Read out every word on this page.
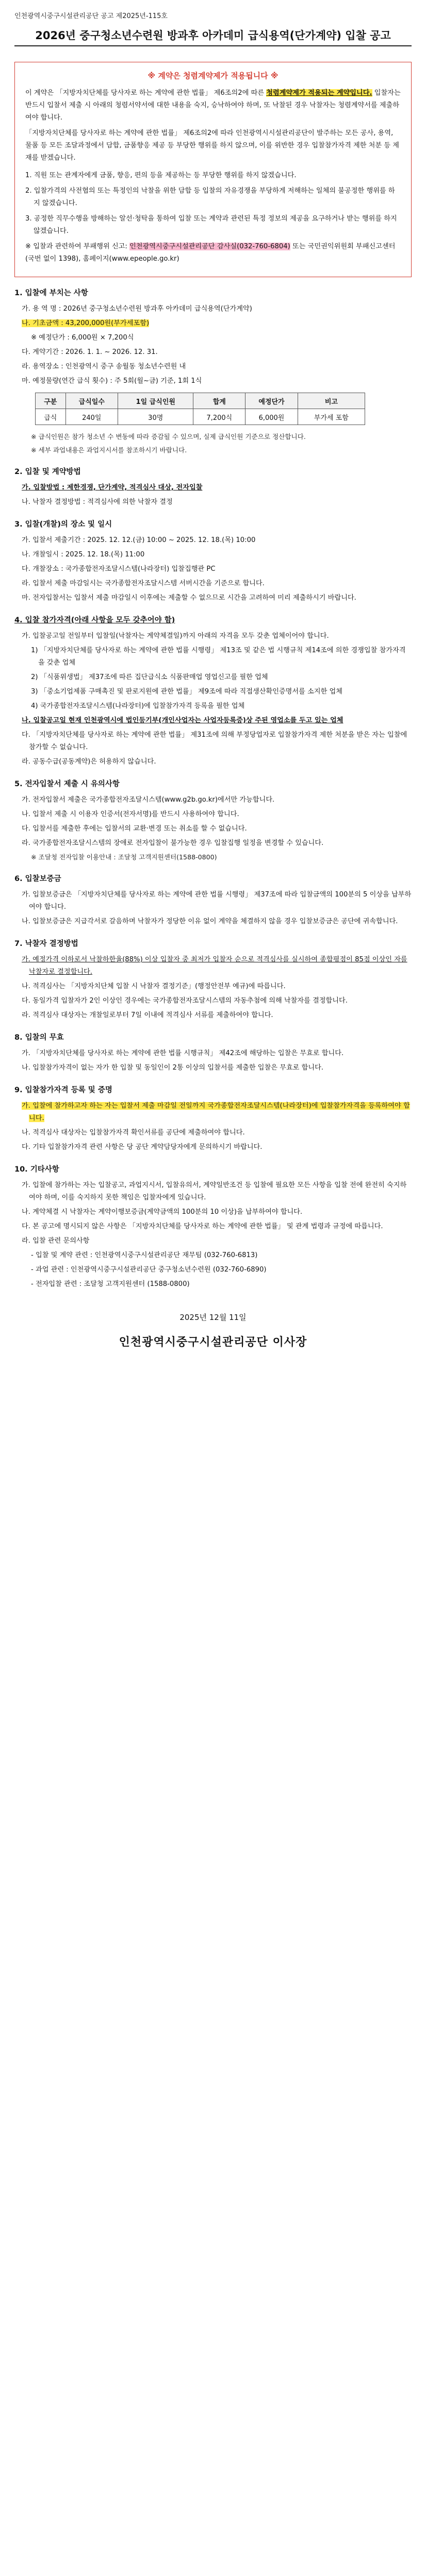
인천광역시중구시설관리공단 공고 제2025년-115호
2026년 중구청소년수련원 방과후 아카데미 급식용역(단가계약) 입찰 공고
※ 계약은 청렴계약제가 적용됩니다 ※

이 계약은 「지방자치단체를 당사자로 하는 계약에 관한 법률」 제6조의2에 따른 청렴계약제가 적용되는 계약입니다. 입찰자는 반드시 입찰서 제출 시 아래의 청렴서약서에 대한 내용을 숙지, 승낙하여야 하며, 또 낙찰된 경우 낙찰자는 청렴계약서를 제출하여야 합니다.

「지방자치단체를 당사자로 하는 계약에 관한 법률」 제6조의2에 따라 인천광역시시설관리공단이 발주하는 모든 공사, 용역, 물품 등 모든 조달과정에서 담합, 금품향응 제공 등 부당한 행위를 하지 않으며, 이를 위반한 경우 입찰참가자격 제한 처분 등 제재를 받겠습니다.

1. 직원 또는 관계자에게 금품, 향응, 편의 등을 제공하는 등 부당한 행위를 하지 않겠습니다.
2. 입찰가격의 사전협의 또는 특정인의 낙찰을 위한 담합 등 입찰의 자유경쟁을 부당하게 저해하는 일체의 불공정한 행위를 하지 않겠습니다.
3. 공정한 직무수행을 방해하는 알선·청탁을 통하여 입찰 또는 계약과 관련된 특정 정보의 제공을 요구하거나 받는 행위를 하지 않겠습니다.

※ 입찰과 관련하여 부패행위 신고: 인천광역시중구시설관리공단 감사실(032-760-6804) 또는 국민권익위원회 부패신고센터(국번 없이 1398), 홈페이지(www.epeople.go.kr)

1. 입찰에 부치는 사항
가. 용 역 명 : 2026년 중구청소년수련원 방과후 아카데미 급식용역(단가계약)
나. 기초금액 : 43,200,000원(부가세포함)
※ 예정단가 : 6,000원 × 7,200식
다. 계약기간 : 2026. 1. 1. ~ 2026. 12. 31.
라. 용역장소 : 인천광역시 중구 송월동 청소년수련원 내
마. 예정물량(연간 급식 횟수) : 주 5회(월~금) 기준, 1회 1식
구분	급식일수	1일 급식인원	합계	예정단가	비고
급식	240일	30명	7,200식	6,000원	부가세 포함
※ 급식인원은 참가 청소년 수 변동에 따라 증감될 수 있으며, 실제 급식인원 기준으로 정산합니다.
※ 세부 과업내용은 과업지시서를 참조하시기 바랍니다.
2. 입찰 및 계약방법
가. 입찰방법 : 제한경쟁, 단가계약, 적격심사 대상, 전자입찰
나. 낙찰자 결정방법 : 적격심사에 의한 낙찰자 결정
3. 입찰(개찰)의 장소 및 일시
가. 입찰서 제출기간 : 2025. 12. 12.(금) 10:00 ~ 2025. 12. 18.(목) 10:00
나. 개찰일시 : 2025. 12. 18.(목) 11:00
다. 개찰장소 : 국가종합전자조달시스템(나라장터) 입찰집행관 PC
라. 입찰서 제출 마감일시는 국가종합전자조달시스템 서버시간을 기준으로 합니다.
마. 전자입찰서는 입찰서 제출 마감일시 이후에는 제출할 수 없으므로 시간을 고려하여 미리 제출하시기 바랍니다.
4. 입찰 참가자격(아래 사항을 모두 갖추어야 함)
가. 입찰공고일 전일부터 입찰일(낙찰자는 계약체결일)까지 아래의 자격을 모두 갖춘 업체이어야 합니다.
1) 「지방자치단체를 당사자로 하는 계약에 관한 법률 시행령」 제13조 및 같은 법 시행규칙 제14조에 의한 경쟁입찰 참가자격을 갖춘 업체
2) 「식품위생법」 제37조에 따른 집단급식소 식품판매업 영업신고를 필한 업체
3) 「중소기업제품 구매촉진 및 판로지원에 관한 법률」 제9조에 따라 직접생산확인증명서를 소지한 업체
4) 국가종합전자조달시스템(나라장터)에 입찰참가자격 등록을 필한 업체
나. 입찰공고일 현재 인천광역시에 법인등기부(개인사업자는 사업자등록증)상 주된 영업소를 두고 있는 업체
다. 「지방자치단체를 당사자로 하는 계약에 관한 법률」 제31조에 의해 부정당업자로 입찰참가자격 제한 처분을 받은 자는 입찰에 참가할 수 없습니다.
라. 공동수급(공동계약)은 허용하지 않습니다.
5. 전자입찰서 제출 시 유의사항
가. 전자입찰서 제출은 국가종합전자조달시스템(www.g2b.go.kr)에서만 가능합니다.
나. 입찰서 제출 시 이용자 인증서(전자서명)를 반드시 사용하여야 합니다.
다. 입찰서를 제출한 후에는 입찰서의 교환·변경 또는 취소를 할 수 없습니다.
라. 국가종합전자조달시스템의 장애로 전자입찰이 불가능한 경우 입찰집행 일정을 변경할 수 있습니다.
※ 조달청 전자입찰 이용안내 : 조달청 고객지원센터(1588-0800)
6. 입찰보증금
가. 입찰보증금은 「지방자치단체를 당사자로 하는 계약에 관한 법률 시행령」 제37조에 따라 입찰금액의 100분의 5 이상을 납부하여야 합니다.
나. 입찰보증금은 지급각서로 갈음하며 낙찰자가 정당한 이유 없이 계약을 체결하지 않을 경우 입찰보증금은 공단에 귀속합니다.
7. 낙찰자 결정방법
가. 예정가격 이하로서 낙찰하한율(88%) 이상 입찰자 중 최저가 입찰자 순으로 적격심사를 실시하여 종합평점이 85점 이상인 자를 낙찰자로 결정합니다.
나. 적격심사는 「지방자치단체 입찰 시 낙찰자 결정기준」(행정안전부 예규)에 따릅니다.
다. 동일가격 입찰자가 2인 이상인 경우에는 국가종합전자조달시스템의 자동추첨에 의해 낙찰자를 결정합니다.
라. 적격심사 대상자는 개찰일로부터 7일 이내에 적격심사 서류를 제출하여야 합니다.
8. 입찰의 무효
가. 「지방자치단체를 당사자로 하는 계약에 관한 법률 시행규칙」 제42조에 해당하는 입찰은 무효로 합니다.
나. 입찰참가자격이 없는 자가 한 입찰 및 동일인이 2통 이상의 입찰서를 제출한 입찰은 무효로 합니다.
9. 입찰참가자격 등록 및 증명
가. 입찰에 참가하고자 하는 자는 입찰서 제출 마감일 전일까지 국가종합전자조달시스템(나라장터)에 입찰참가자격을 등록하여야 합니다.
나. 적격심사 대상자는 입찰참가자격 확인서류를 공단에 제출하여야 합니다.
다. 기타 입찰참가자격 관련 사항은 당 공단 계약담당자에게 문의하시기 바랍니다.
10. 기타사항
가. 입찰에 참가하는 자는 입찰공고, 과업지시서, 입찰유의서, 계약일반조건 등 입찰에 필요한 모든 사항을 입찰 전에 완전히 숙지하여야 하며, 이를 숙지하지 못한 책임은 입찰자에게 있습니다.
나. 계약체결 시 낙찰자는 계약이행보증금(계약금액의 100분의 10 이상)을 납부하여야 합니다.
다. 본 공고에 명시되지 않은 사항은 「지방자치단체를 당사자로 하는 계약에 관한 법률」 및 관계 법령과 규정에 따릅니다.
라. 입찰 관련 문의사항
- 입찰 및 계약 관련 : 인천광역시중구시설관리공단 재무팀 (032-760-6813)
- 과업 관련 : 인천광역시중구시설관리공단 중구청소년수련원 (032-760-6890)
- 전자입찰 관련 : 조달청 고객지원센터 (1588-0800)
2025년 12월 11일
인천광역시중구시설관리공단 이사장
